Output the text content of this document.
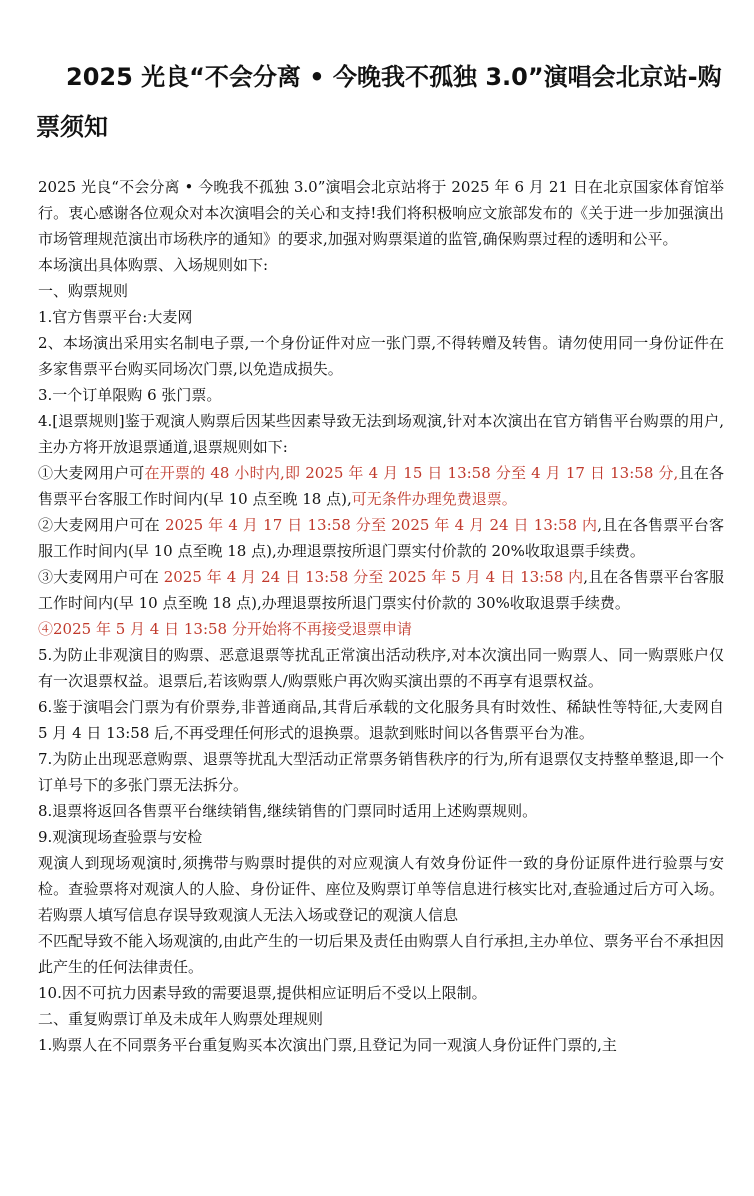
2025 光良“不会分离 • 今晚我不孤独 3.0”演唱会北京站-购票须知

2025 光良“不会分离 • 今晚我不孤独 3.0”演唱会北京站将于 2025 年 6 月 21 日在北京国家体育馆举行。衷心感谢各位观众对本次演唱会的关心和支持!我们将积极响应文旅部发布的《关于进一步加强演出市场管理规范演出市场秩序的通知》的要求,加强对购票渠道的监管,确保购票过程的透明和公平。

本场演出具体购票、入场规则如下:

一、购票规则

1.官方售票平台:大麦网

2、本场演出采用实名制电子票,一个身份证件对应一张门票,不得转赠及转售。请勿使用同一身份证件在多家售票平台购买同场次门票,以免造成损失。

3.一个订单限购 6 张门票。

4.[退票规则]鉴于观演人购票后因某些因素导致无法到场观演,针对本次演出在官方销售平台购票的用户,主办方将开放退票通道,退票规则如下:

①大麦网用户可在开票的 48 小时内,即 2025 年 4 月 15 日 13:58 分至 4 月 17 日 13:58 分,且在各售票平台客服工作时间内(早 10 点至晚 18 点),可无条件办理免费退票。

②大麦网用户可在 2025 年 4 月 17 日 13:58 分至 2025 年 4 月 24 日 13:58 内,且在各售票平台客服工作时间内(早 10 点至晚 18 点),办理退票按所退门票实付价款的 20%收取退票手续费。

③大麦网用户可在 2025 年 4 月 24 日 13:58 分至 2025 年 5 月 4 日 13:58 内,且在各售票平台客服工作时间内(早 10 点至晚 18 点),办理退票按所退门票实付价款的 30%收取退票手续费。

④2025 年 5 月 4 日 13:58 分开始将不再接受退票申请

5.为防止非观演目的购票、恶意退票等扰乱正常演出活动秩序,对本次演出同一购票人、同一购票账户仅有一次退票权益。退票后,若该购票人/购票账户再次购买演出票的不再享有退票权益。

6.鉴于演唱会门票为有价票券,非普通商品,其背后承载的文化服务具有时效性、稀缺性等特征,大麦网自 5 月 4 日 13:58 后,不再受理任何形式的退换票。退款到账时间以各售票平台为准。

7.为防止出现恶意购票、退票等扰乱大型活动正常票务销售秩序的行为,所有退票仅支持整单整退,即一个订单号下的多张门票无法拆分。

8.退票将返回各售票平台继续销售,继续销售的门票同时适用上述购票规则。

9.观演现场查验票与安检

观演人到现场观演时,须携带与购票时提供的对应观演人有效身份证件一致的身份证原件进行验票与安检。查验票将对观演人的人脸、身份证件、座位及购票订单等信息进行核实比对,查验通过后方可入场。若购票人填写信息存误导致观演人无法入场或登记的观演人信息

不匹配导致不能入场观演的,由此产生的一切后果及责任由购票人自行承担,主办单位、票务平台不承担因此产生的任何法律责任。

10.因不可抗力因素导致的需要退票,提供相应证明后不受以上限制。

二、重复购票订单及未成年人购票处理规则

1.购票人在不同票务平台重复购买本次演出门票,且登记为同一观演人身份证件门票的,主
